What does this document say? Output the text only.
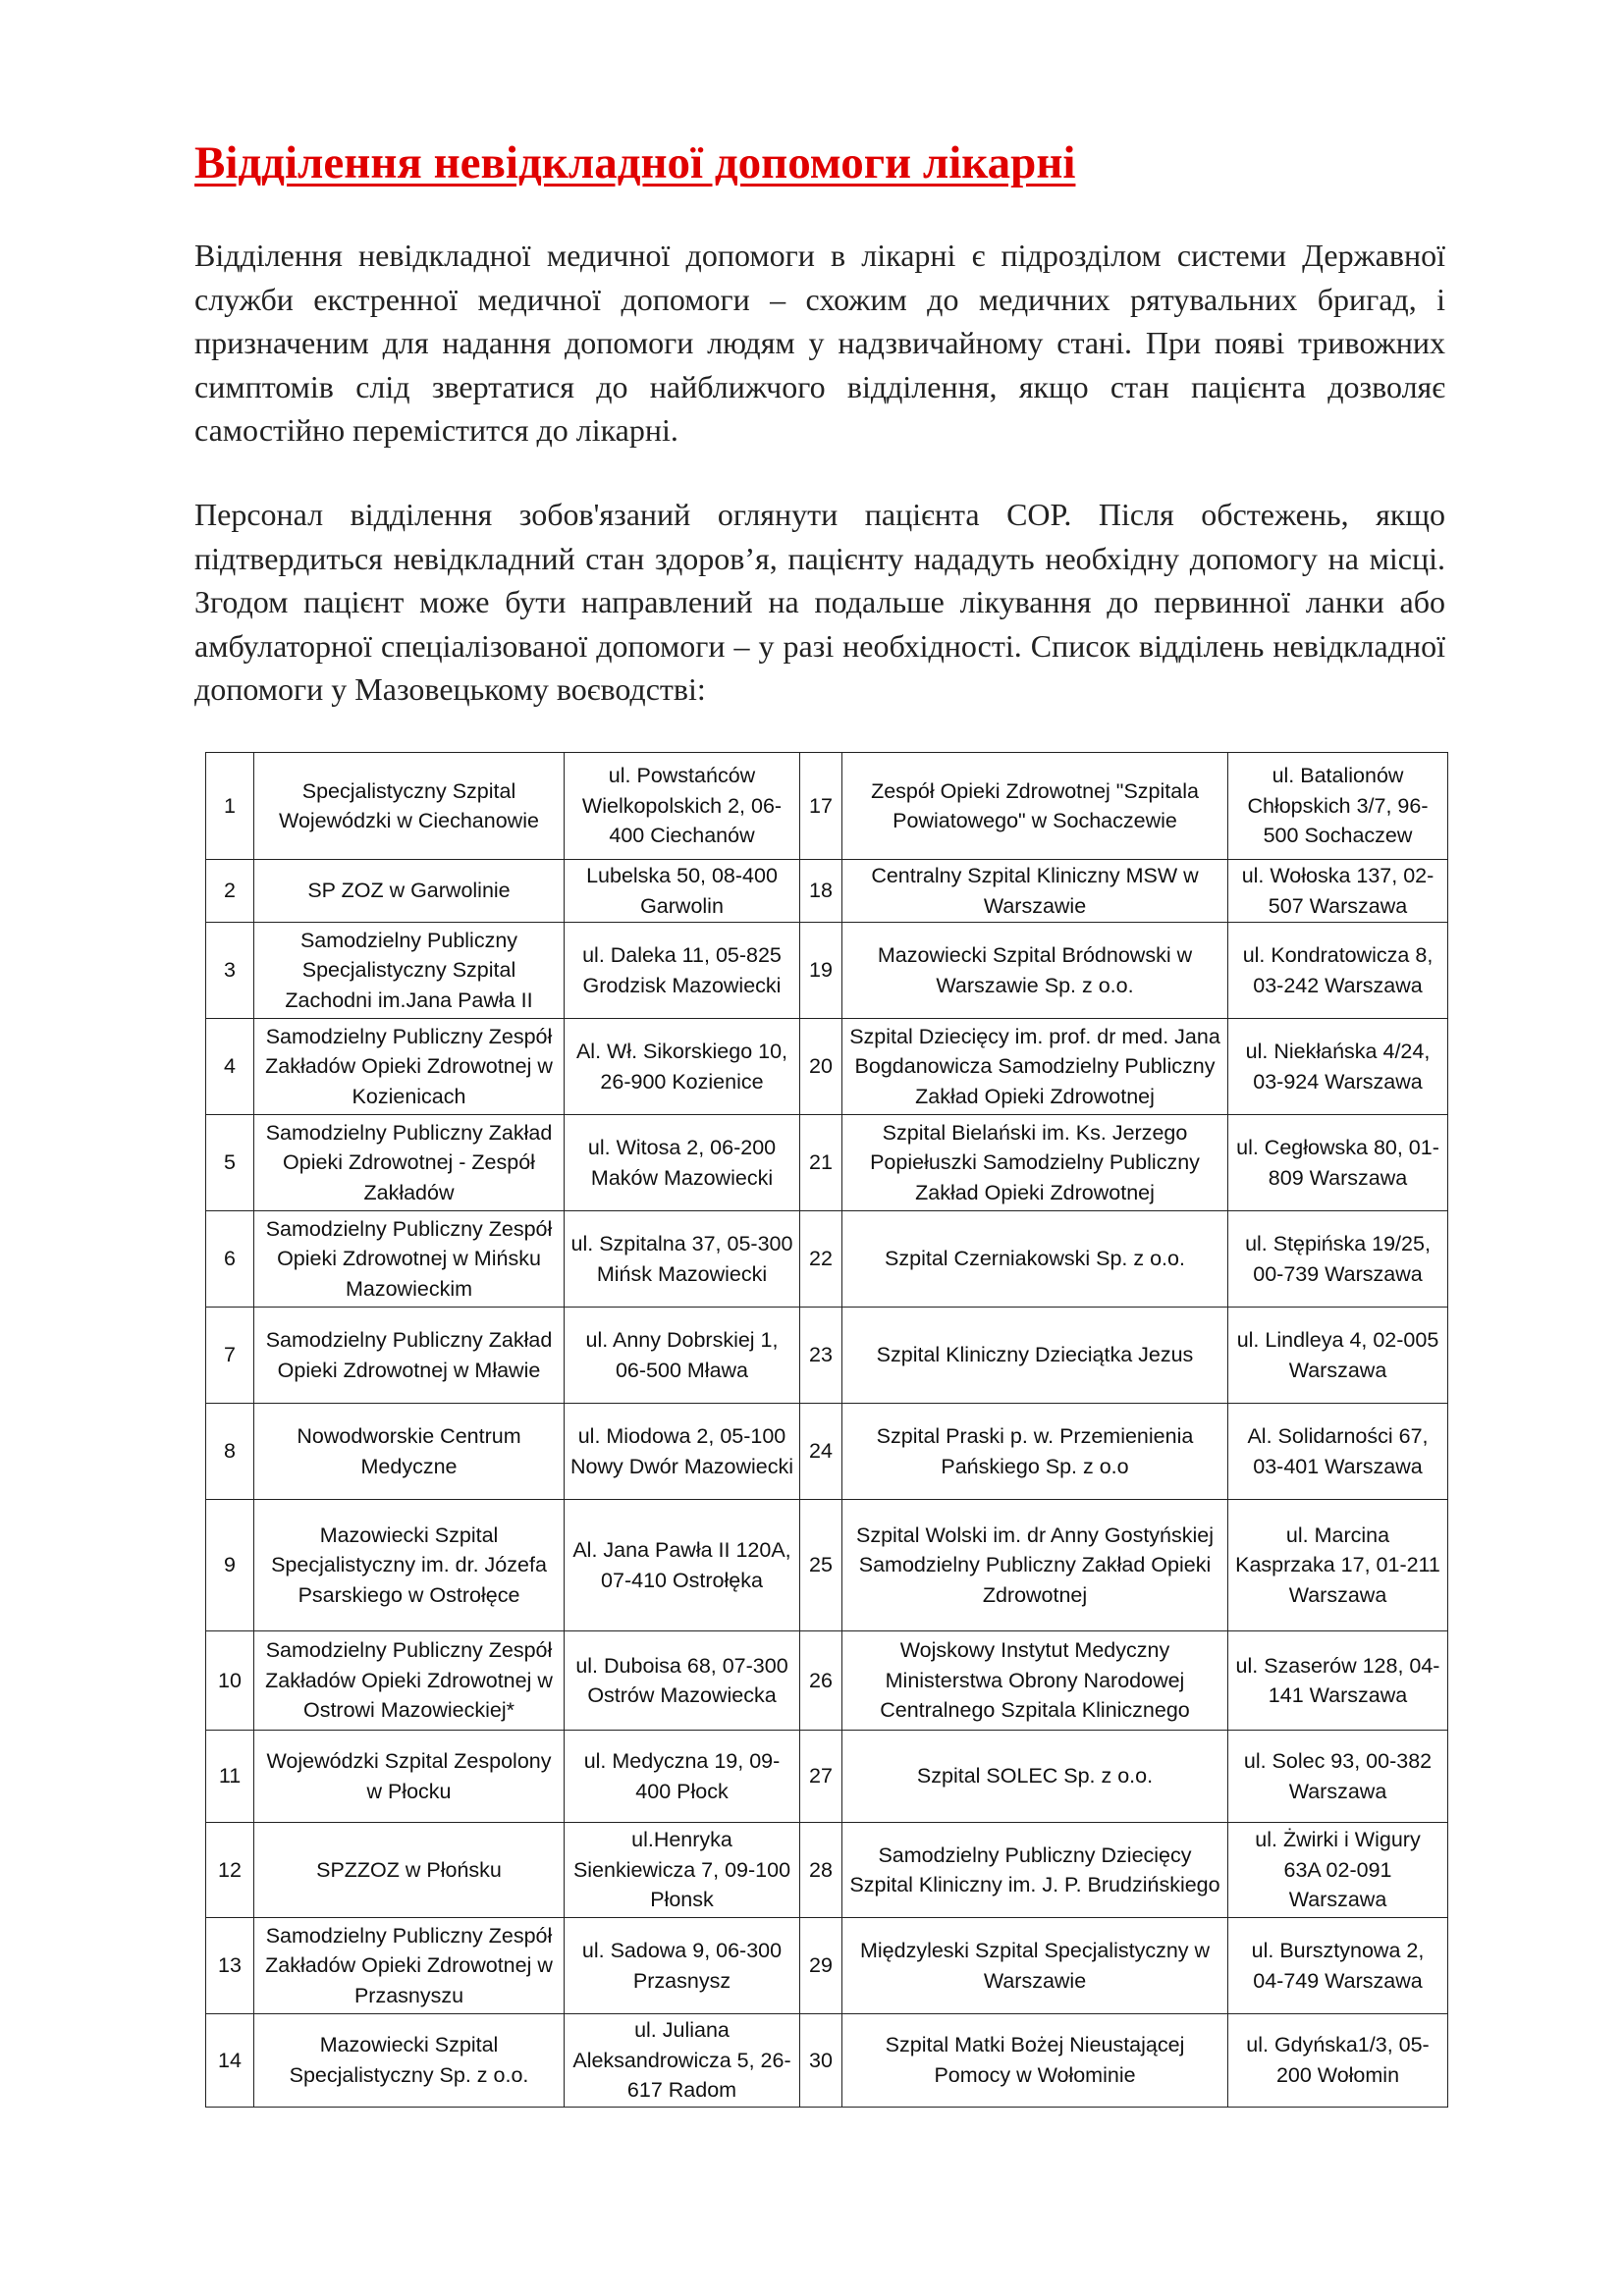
Відділення невідкладної допомоги лікарні

Відділення невідкладної медичної допомоги в лікарні є підрозділом системи Державної служби екстренної медичної допомоги – схожим до медичних рятувальних бригад, і призначеним для надання допомоги людям у надзвичайному стані. При появі тривожних симптомів слід звертатися до найближчого відділення, якщо стан пацієнта дозволяє самостійно перемістится до лікарні.

Персонал відділення зобов'язаний оглянути пацієнта СОР. Після обстежень, якщо підтвердиться невідкладний стан здоров’я, пацієнту нададуть необхідну допомогу на місці. Згодом пацієнт може бути направлений на подальше лікування до первинної ланки або амбулаторної спеціалізованої допомоги – у разі необхідності. Список відділень невідкладної допомоги у Мазовецькому воєводстві:

1	Specjalistyczny Szpital Wojewódzki w Ciechanowie	ul. Powstańców Wielkopolskich 2, 06-400 Ciechanów	17	Zespół Opieki Zdrowotnej "Szpitala Powiatowego" w Sochaczewie	ul. Batalionów Chłopskich 3/7, 96-500 Sochaczew
2	SP ZOZ w Garwolinie	Lubelska 50, 08-400 Garwolin	18	Centralny Szpital Kliniczny MSW w Warszawie	ul. Wołoska 137, 02-507 Warszawa
3	Samodzielny Publiczny Specjalistyczny Szpital Zachodni im.Jana Pawła II	ul. Daleka 11, 05-825 Grodzisk Mazowiecki	19	Mazowiecki Szpital Bródnowski w Warszawie Sp. z o.o.	ul. Kondratowicza 8, 03-242 Warszawa
4	Samodzielny Publiczny Zespół Zakładów Opieki Zdrowotnej w Kozienicach	Al. Wł. Sikorskiego 10, 26-900 Kozienice	20	Szpital Dziecięcy im. prof. dr med. Jana Bogdanowicza Samodzielny Publiczny Zakład Opieki Zdrowotnej	ul. Niekłańska 4/24, 03-924 Warszawa
5	Samodzielny Publiczny Zakład Opieki Zdrowotnej - Zespół Zakładów	ul. Witosa 2, 06-200 Maków Mazowiecki	21	Szpital Bielański im. Ks. Jerzego Popiełuszki Samodzielny Publiczny Zakład Opieki Zdrowotnej	ul. Cegłowska 80, 01-809 Warszawa
6	Samodzielny Publiczny Zespół Opieki Zdrowotnej w Mińsku Mazowieckim	ul. Szpitalna 37, 05-300 Mińsk Mazowiecki	22	Szpital Czerniakowski Sp. z o.o.	ul. Stępińska 19/25, 00-739 Warszawa
7	Samodzielny Publiczny Zakład Opieki Zdrowotnej w Mławie	ul. Anny Dobrskiej 1, 06-500 Mława	23	Szpital Kliniczny Dzieciątka Jezus	ul. Lindleya 4, 02-005 Warszawa
8	Nowodworskie Centrum Medyczne	ul. Miodowa 2, 05-100 Nowy Dwór Mazowiecki	24	Szpital Praski p. w. Przemienienia Pańskiego Sp. z o.o	Al. Solidarności 67, 03-401 Warszawa
9	Mazowiecki Szpital Specjalistyczny im. dr. Józefa Psarskiego w Ostrołęce	Al. Jana Pawła II 120A, 07-410 Ostrołęka	25	Szpital Wolski im. dr Anny Gostyńskiej Samodzielny Publiczny Zakład Opieki Zdrowotnej	ul. Marcina Kasprzaka 17, 01-211 Warszawa
10	Samodzielny Publiczny Zespół Zakładów Opieki Zdrowotnej w Ostrowi Mazowieckiej*	ul. Duboisa 68, 07-300 Ostrów Mazowiecka	26	Wojskowy Instytut Medyczny Ministerstwa Obrony Narodowej Centralnego Szpitala Klinicznego	ul. Szaserów 128, 04-141 Warszawa
11	Wojewódzki Szpital Zespolony w Płocku	ul. Medyczna 19, 09-400 Płock	27	Szpital SOLEC Sp. z o.o.	ul. Solec 93, 00-382 Warszawa
12	SPZZOZ w Płońsku	ul.Henryka Sienkiewicza 7, 09-100 Płonsk	28	Samodzielny Publiczny Dziecięcy Szpital Kliniczny im. J. P. Brudzińskiego	ul. Żwirki i Wigury 63A 02-091 Warszawa
13	Samodzielny Publiczny Zespół Zakładów Opieki Zdrowotnej w Przasnyszu	ul. Sadowa 9, 06-300 Przasnysz	29	Międzyleski Szpital Specjalistyczny w Warszawie	ul. Bursztynowa 2, 04-749 Warszawa
14	Mazowiecki Szpital Specjalistyczny Sp. z o.o.	ul. Juliana Aleksandrowicza 5, 26-617 Radom	30	Szpital Matki Bożej Nieustającej Pomocy w Wołominie	ul. Gdyńska1/3, 05-200 Wołomin
